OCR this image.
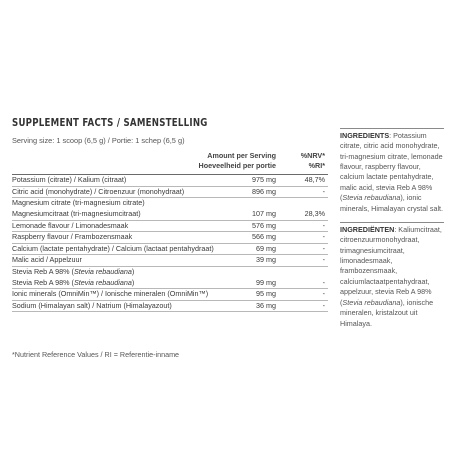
SUPPLEMENT FACTS / SAMENSTELLING
Serving size: 1 scoop (6,5 g) / Portie: 1 schep (6,5 g)
Amount per Serving
Hoeveelheid per portie
%NRV*
%RI*
Potassium (citrate) / Kalium (citraat)	975 mg	48,7%
Citric acid (monohydrate) / Citroenzuur (monohydraat)	896 mg	-
Magnesium citrate (tri-magnesium citrate)
Magnesiumcitraat (tri-magnesiumcitraat)	107 mg	28,3%
Lemonade flavour / Limonadesmaak	576 mg	-
Raspberry flavour / Frambozensmaak	566 mg	-
Calcium (lactate pentahydrate) / Calcium (lactaat pentahydraat)	69 mg	-
Malic acid / Appelzuur	39 mg	-
Stevia Reb A 98% (Stevia rebaudiana)
Stevia Reb A 98% (Stevia rebaudiana)	99 mg	-
Ionic minerals (OmniMin™) / Ionische mineralen (OmniMin™)	95 mg	-
Sodium (Himalayan salt) / Natrium (Himalayazout)	36 mg	-
*Nutrient Reference Values / RI = Referentie-inname

INGREDIENTS: Potassium citrate, citric acid monohydrate, tri-magnesium citrate, lemonade flavour, raspberry flavour, calcium lactate pentahydrate, malic acid, stevia Reb A 98% (Stevia rebaudiana), ionic minerals, Himalayan crystal salt.

INGREDIËNTEN: Kaliumcitraat, citroenzuurmonohydraat, trimagnesiumcitraat, limonadesmaak, frambozensmaak, calciumlactaatpentahydraat, appelzuur, stevia Reb A 98% (Stevia rebaudiana), ionische mineralen, kristalzout uit Himalaya.
